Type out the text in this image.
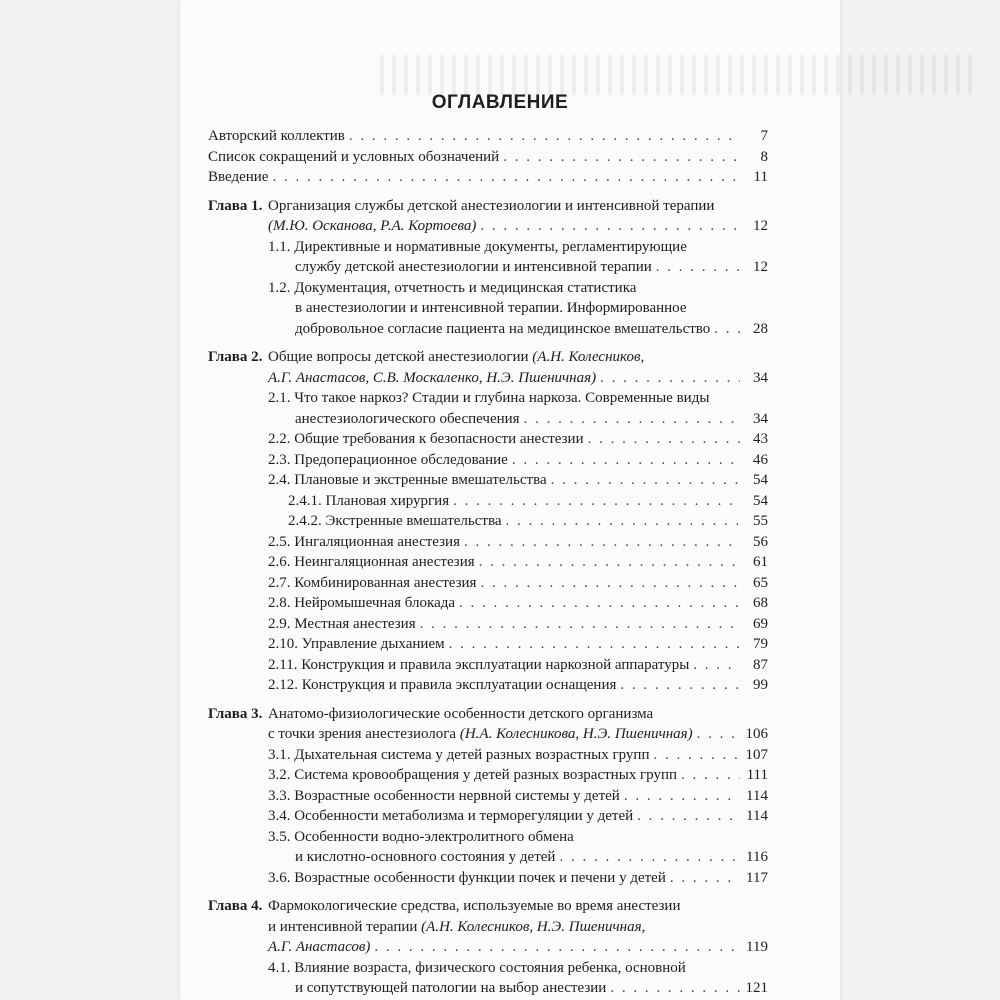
ОГЛАВЛЕНИЕ
Авторский коллектив . . .	7
Список сокращений и условных обозначений . . .	8
Введение . . .	11
Глава 1. Организация службы детской анестезиологии и интенсивной терапии
(М.Ю. Осканова, Р.А. Кортоева) . . .	12
1.1. Директивные и нормативные документы, регламентирующие
службу детской анестезиологии и интенсивной терапии . . .	12
1.2. Документация, отчетность и медицинская статистика
в анестезиологии и интенсивной терапии. Информированное
добровольное согласие пациента на медицинское вмешательство . . .	28
Глава 2. Общие вопросы детской анестезиологии (А.Н. Колесников,
А.Г. Анастасов, С.В. Москаленко, Н.Э. Пшеничная) . . .	34
2.1. Что такое наркоз? Стадии и глубина наркоза. Современные виды
анестезиологического обеспечения . . .	34
2.2. Общие требования к безопасности анестезии . . .	43
2.3. Предоперационное обследование . . .	46
2.4. Плановые и экстренные вмешательства . . .	54
2.4.1. Плановая хирургия . . .	54
2.4.2. Экстренные вмешательства . . .	55
2.5. Ингаляционная анестезия . . .	56
2.6. Неингаляционная анестезия . . .	61
2.7. Комбинированная анестезия . . .	65
2.8. Нейромышечная блокада . . .	68
2.9. Местная анестезия . . .	69
2.10. Управление дыханием . . .	79
2.11. Конструкция и правила эксплуатации наркозной аппаратуры . . .	87
2.12. Конструкция и правила эксплуатации оснащения . . .	99
Глава 3. Анатомо-физиологические особенности детского организма
с точки зрения анестезиолога (Н.А. Колесникова, Н.Э. Пшеничная) . . .	106
3.1. Дыхательная система у детей разных возрастных групп . . .	107
3.2. Система кровообращения у детей разных возрастных групп . . .	111
3.3. Возрастные особенности нервной системы у детей . . .	114
3.4. Особенности метаболизма и терморегуляции у детей . . .	114
3.5. Особенности водно-электролитного обмена
и кислотно-основного состояния у детей . . .	116
3.6. Возрастные особенности функции почек и печени у детей . . .	117
Глава 4. Фармокологические средства, используемые во время анестезии
и интенсивной терапии (А.Н. Колесников, Н.Э. Пшеничная,
А.Г. Анастасов) . . .	119
4.1. Влияние возраста, физического состояния ребенка, основной
и сопутствующей патологии на выбор анестезии . . .	121
